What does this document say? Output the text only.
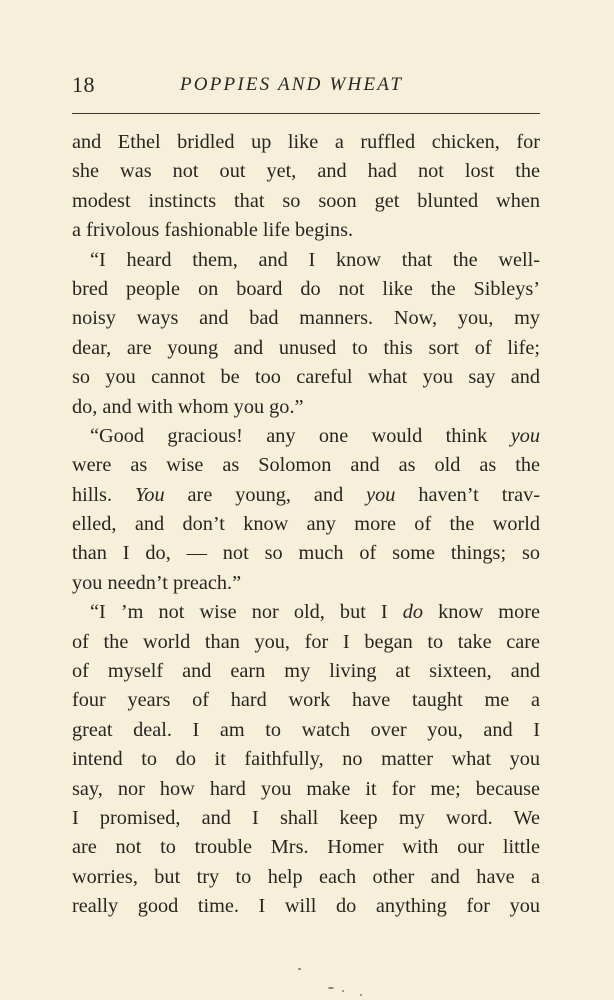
18	POPPIES AND WHEAT
and Ethel bridled up like a ruffled chicken, for
she was not out yet, and had not lost the
modest instincts that so soon get blunted when
a frivolous fashionable life begins.
“I heard them, and I know that the well-
bred people on board do not like the Sibleys’
noisy ways and bad manners. Now, you, my
dear, are young and unused to this sort of life;
so you cannot be too careful what you say and
do, and with whom you go.”
“Good gracious! any one would think you
were as wise as Solomon and as old as the
hills. You are young, and you haven’t trav-
elled, and don’t know any more of the world
than I do, — not so much of some things; so
you needn’t preach.”
“I ’m not wise nor old, but I do know more
of the world than you, for I began to take care
of myself and earn my living at sixteen, and
four years of hard work have taught me a
great deal. I am to watch over you, and I
intend to do it faithfully, no matter what you
say, nor how hard you make it for me; because
I promised, and I shall keep my word. We
are not to trouble Mrs. Homer with our little
worries, but try to help each other and have a
really good time. I will do anything for you
